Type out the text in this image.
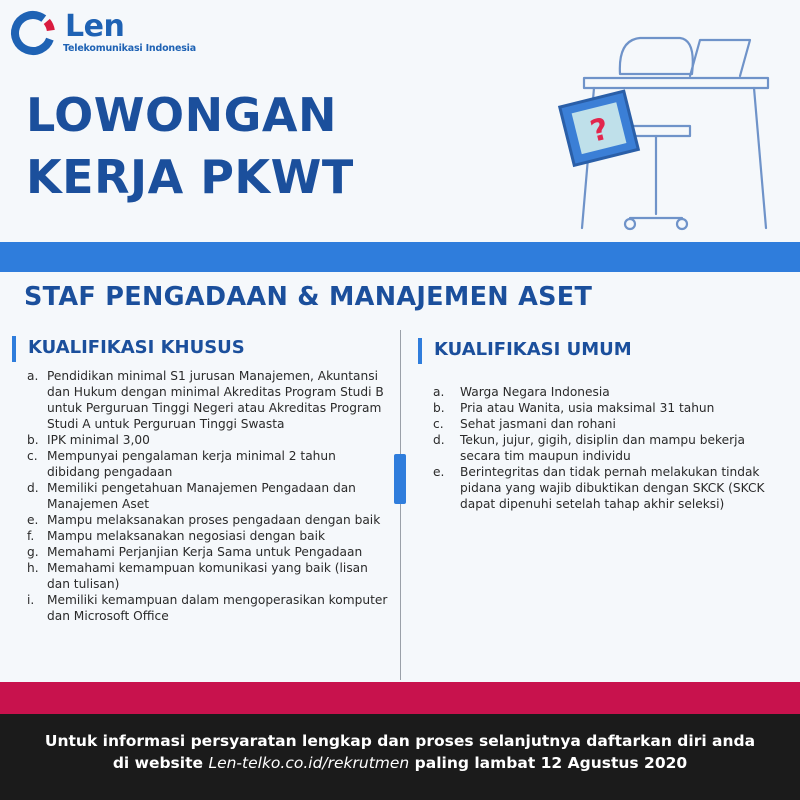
Len
Telekomunikasi Indonesia
LOWONGAN
KERJA PKWT
?
STAF PENGADAAN & MANAJEMEN ASET
KUALIFIKASI KHUSUS	KUALIFIKASI UMUM
a. Pendidikan minimal S1 jurusan Manajemen, Akuntansi dan Hukum dengan minimal Akreditas Program Studi B untuk Perguruan Tinggi Negeri atau Akreditas Program Studi A untuk Perguruan Tinggi Swasta
b. IPK minimal 3,00
c. Mempunyai pengalaman kerja minimal 2 tahun dibidang pengadaan
d. Memiliki pengetahuan Manajemen Pengadaan dan Manajemen Aset
e. Mampu melaksanakan proses pengadaan dengan baik
f. Mampu melaksanakan negosiasi dengan baik
g. Memahami Perjanjian Kerja Sama untuk Pengadaan
h. Memahami kemampuan komunikasi yang baik (lisan dan tulisan)
i. Memiliki kemampuan dalam mengoperasikan komputer dan Microsoft Office
a. Warga Negara Indonesia
b. Pria atau Wanita, usia maksimal 31 tahun
c. Sehat jasmani dan rohani
d. Tekun, jujur, gigih, disiplin dan mampu bekerja secara tim maupun individu
e. Berintegritas dan tidak pernah melakukan tindak pidana yang wajib dibuktikan dengan SKCK (SKCK dapat dipenuhi setelah tahap akhir seleksi)
Untuk informasi persyaratan lengkap dan proses selanjutnya daftarkan diri anda
di website Len-telko.co.id/rekrutmen paling lambat 12 Agustus 2020
